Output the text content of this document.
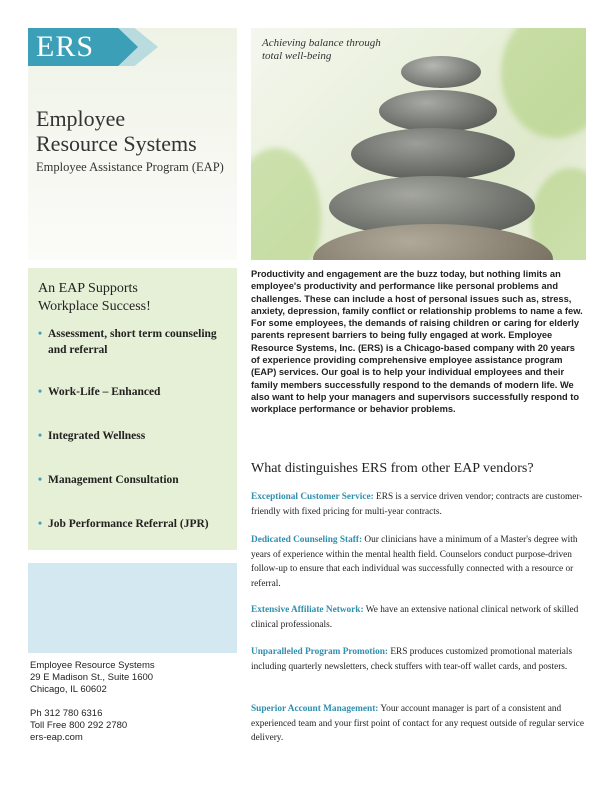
ERS
Employee
Resource Systems
Employee Assistance Program (EAP)
Achieving balance through
total well-being
An EAP Supports
Workplace Success!
• Assessment, short term counseling and referral
• Work-Life – Enhanced
• Integrated Wellness
• Management Consultation
• Job Performance Referral (JPR)
Employee Resource Systems
29 E Madison St., Suite 1600
Chicago, IL 60602
Ph 312 780 6316
Toll Free 800 292 2780
ers-eap.com
Productivity and engagement are the buzz today, but nothing limits an employee's productivity and performance like personal problems and challenges. These can include a host of personal issues such as, stress, anxiety, depression, family conflict or relationship problems to name a few. For some employees, the demands of raising children or caring for elderly parents represent barriers to being fully engaged at work. Employee Resource Systems, Inc. (ERS) is a Chicago-based company with 20 years of experience providing comprehensive employee assistance program (EAP) services. Our goal is to help your individual employees and their family members successfully respond to the demands of modern life. We also want to help your managers and supervisors successfully respond to workplace performance or behavior problems.
What distinguishes ERS from other EAP vendors?
Exceptional Customer Service: ERS is a service driven vendor; contracts are customer-friendly with fixed pricing for multi-year contracts.
Dedicated Counseling Staff: Our clinicians have a minimum of a Master's degree with years of experience within the mental health field. Counselors conduct purpose-driven follow-up to ensure that each individual was successfully connected with a resource or referral.
Extensive Affiliate Network: We have an extensive national clinical network of skilled clinical professionals.
Unparalleled Program Promotion: ERS produces customized promotional materials including quarterly newsletters, check stuffers with tear-off wallet cards, and posters.
Superior Account Management: Your account manager is part of a consistent and experienced team and your first point of contact for any request outside of regular service delivery.
